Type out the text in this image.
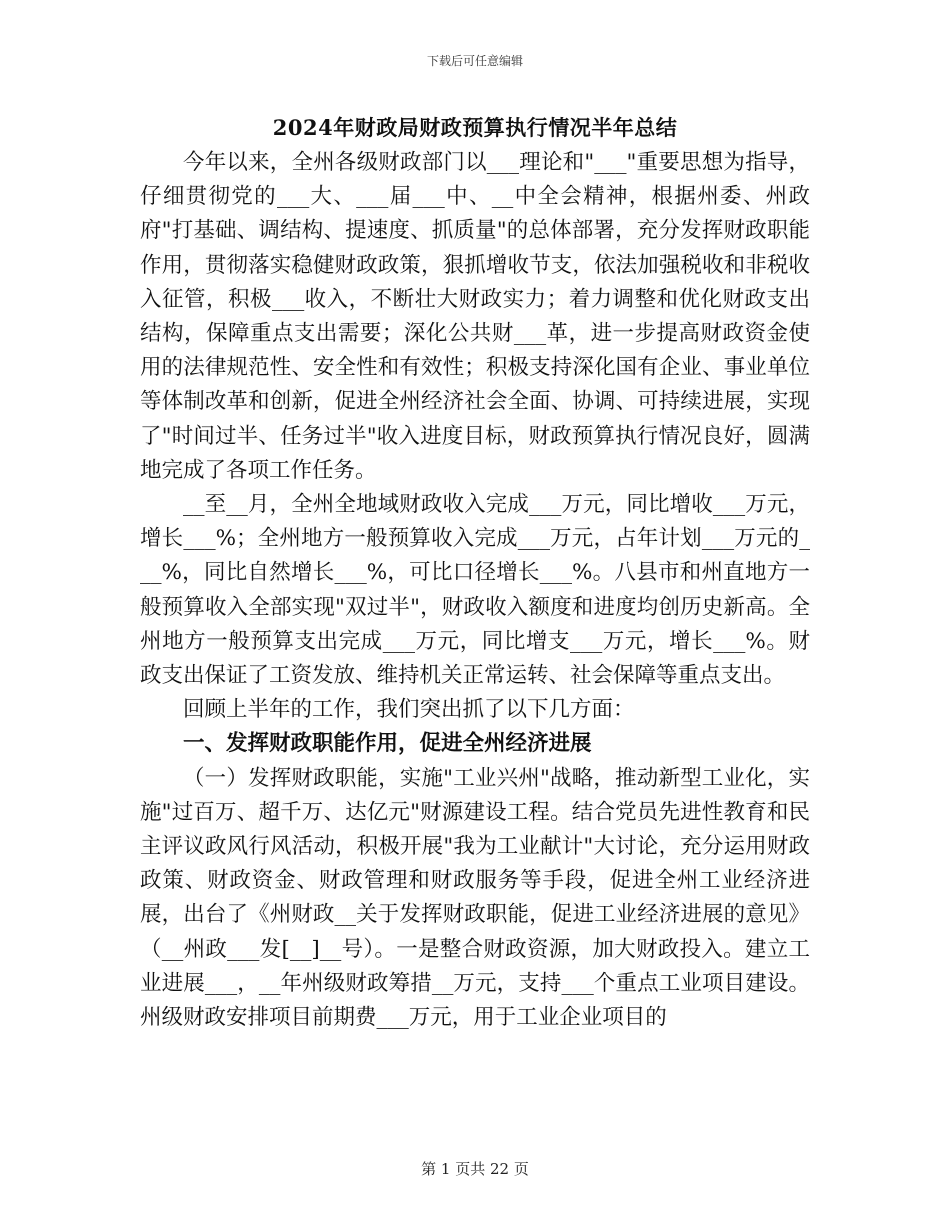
下载后可任意编辑
2024年财政局财政预算执行情况半年总结

今年以来，全州各级财政部门以___理论和"___"重要思想为指导，仔细贯彻党的___大、___届___中、__中全会精神，根据州委、州政府"打基础、调结构、提速度、抓质量"的总体部署，充分发挥财政职能作用，贯彻落实稳健财政政策，狠抓增收节支，依法加强税收和非税收入征管，积极___收入，不断壮大财政实力；着力调整和优化财政支出结构，保障重点支出需要；深化公共财___革，进一步提高财政资金使用的法律规范性、安全性和有效性；积极支持深化国有企业、事业单位等体制改革和创新，促进全州经济社会全面、协调、可持续进展，实现了"时间过半、任务过半"收入进度目标，财政预算执行情况良好，圆满地完成了各项工作任务。

__至__月，全州全地域财政收入完成___万元，同比增收___万元，增长___%；全州地方一般预算收入完成___万元，占年计划___万元的___%，同比自然增长___%，可比口径增长___%。八县市和州直地方一般预算收入全部实现"双过半"，财政收入额度和进度均创历史新高。全州地方一般预算支出完成___万元，同比增支___万元，增长___%。财政支出保证了工资发放、维持机关正常运转、社会保障等重点支出。

回顾上半年的工作，我们突出抓了以下几方面：

一、发挥财政职能作用，促进全州经济进展

（一）发挥财政职能，实施"工业兴州"战略，推动新型工业化，实施"过百万、超千万、达亿元"财源建设工程。结合党员先进性教育和民主评议政风行风活动，积极开展"我为工业献计"大讨论，充分运用财政政策、财政资金、财政管理和财政服务等手段，促进全州工业经济进展，出台了《州财政__关于发挥财政职能，促进工业经济进展的意见》（__州政___发[__]__号）。一是整合财政资源，加大财政投入。建立工业进展___，__年州级财政筹措__万元，支持___个重点工业项目建设。州级财政安排项目前期费___万元，用于工业企业项目的

第 1 页共 22 页
